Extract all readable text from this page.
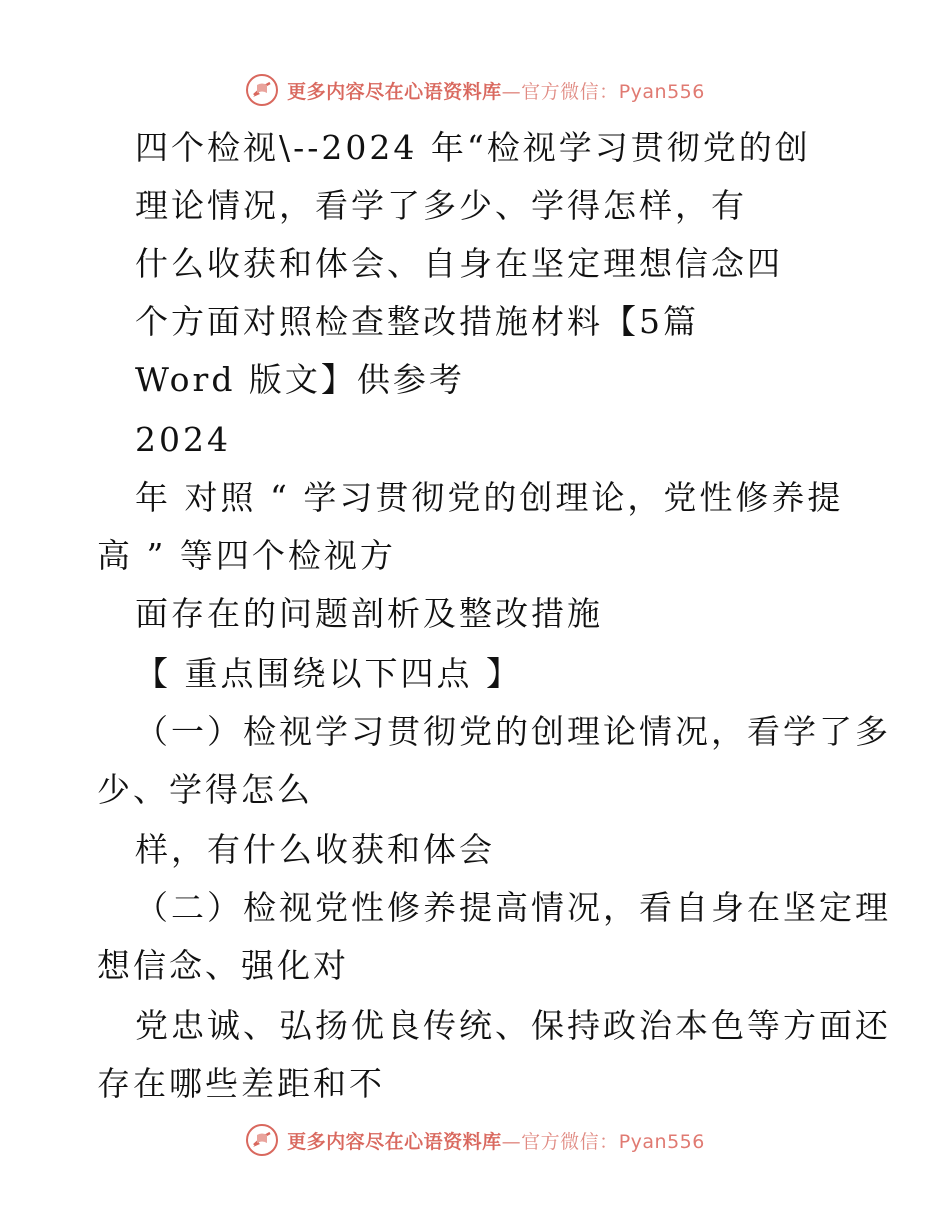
更多内容尽在心语资料库—官方微信：Pyan556
四个检视\--2024 年“检视学习贯彻党的创
理论情况，看学了多少、学得怎样，有
什么收获和体会、自身在坚定理想信念四
个方面对照检查整改措施材料【5篇
Word 版文】供参考
2024
年 对照 “ 学习贯彻党的创理论，党性修养提
高 ” 等四个检视方
面存在的问题剖析及整改措施
【 重点围绕以下四点 】
（一）检视学习贯彻党的创理论情况，看学了多
少、学得怎么
样，有什么收获和体会
（二）检视党性修养提高情况，看自身在坚定理
想信念、强化对
党忠诚、弘扬优良传统、保持政治本色等方面还
存在哪些差距和不
更多内容尽在心语资料库—官方微信：Pyan556
